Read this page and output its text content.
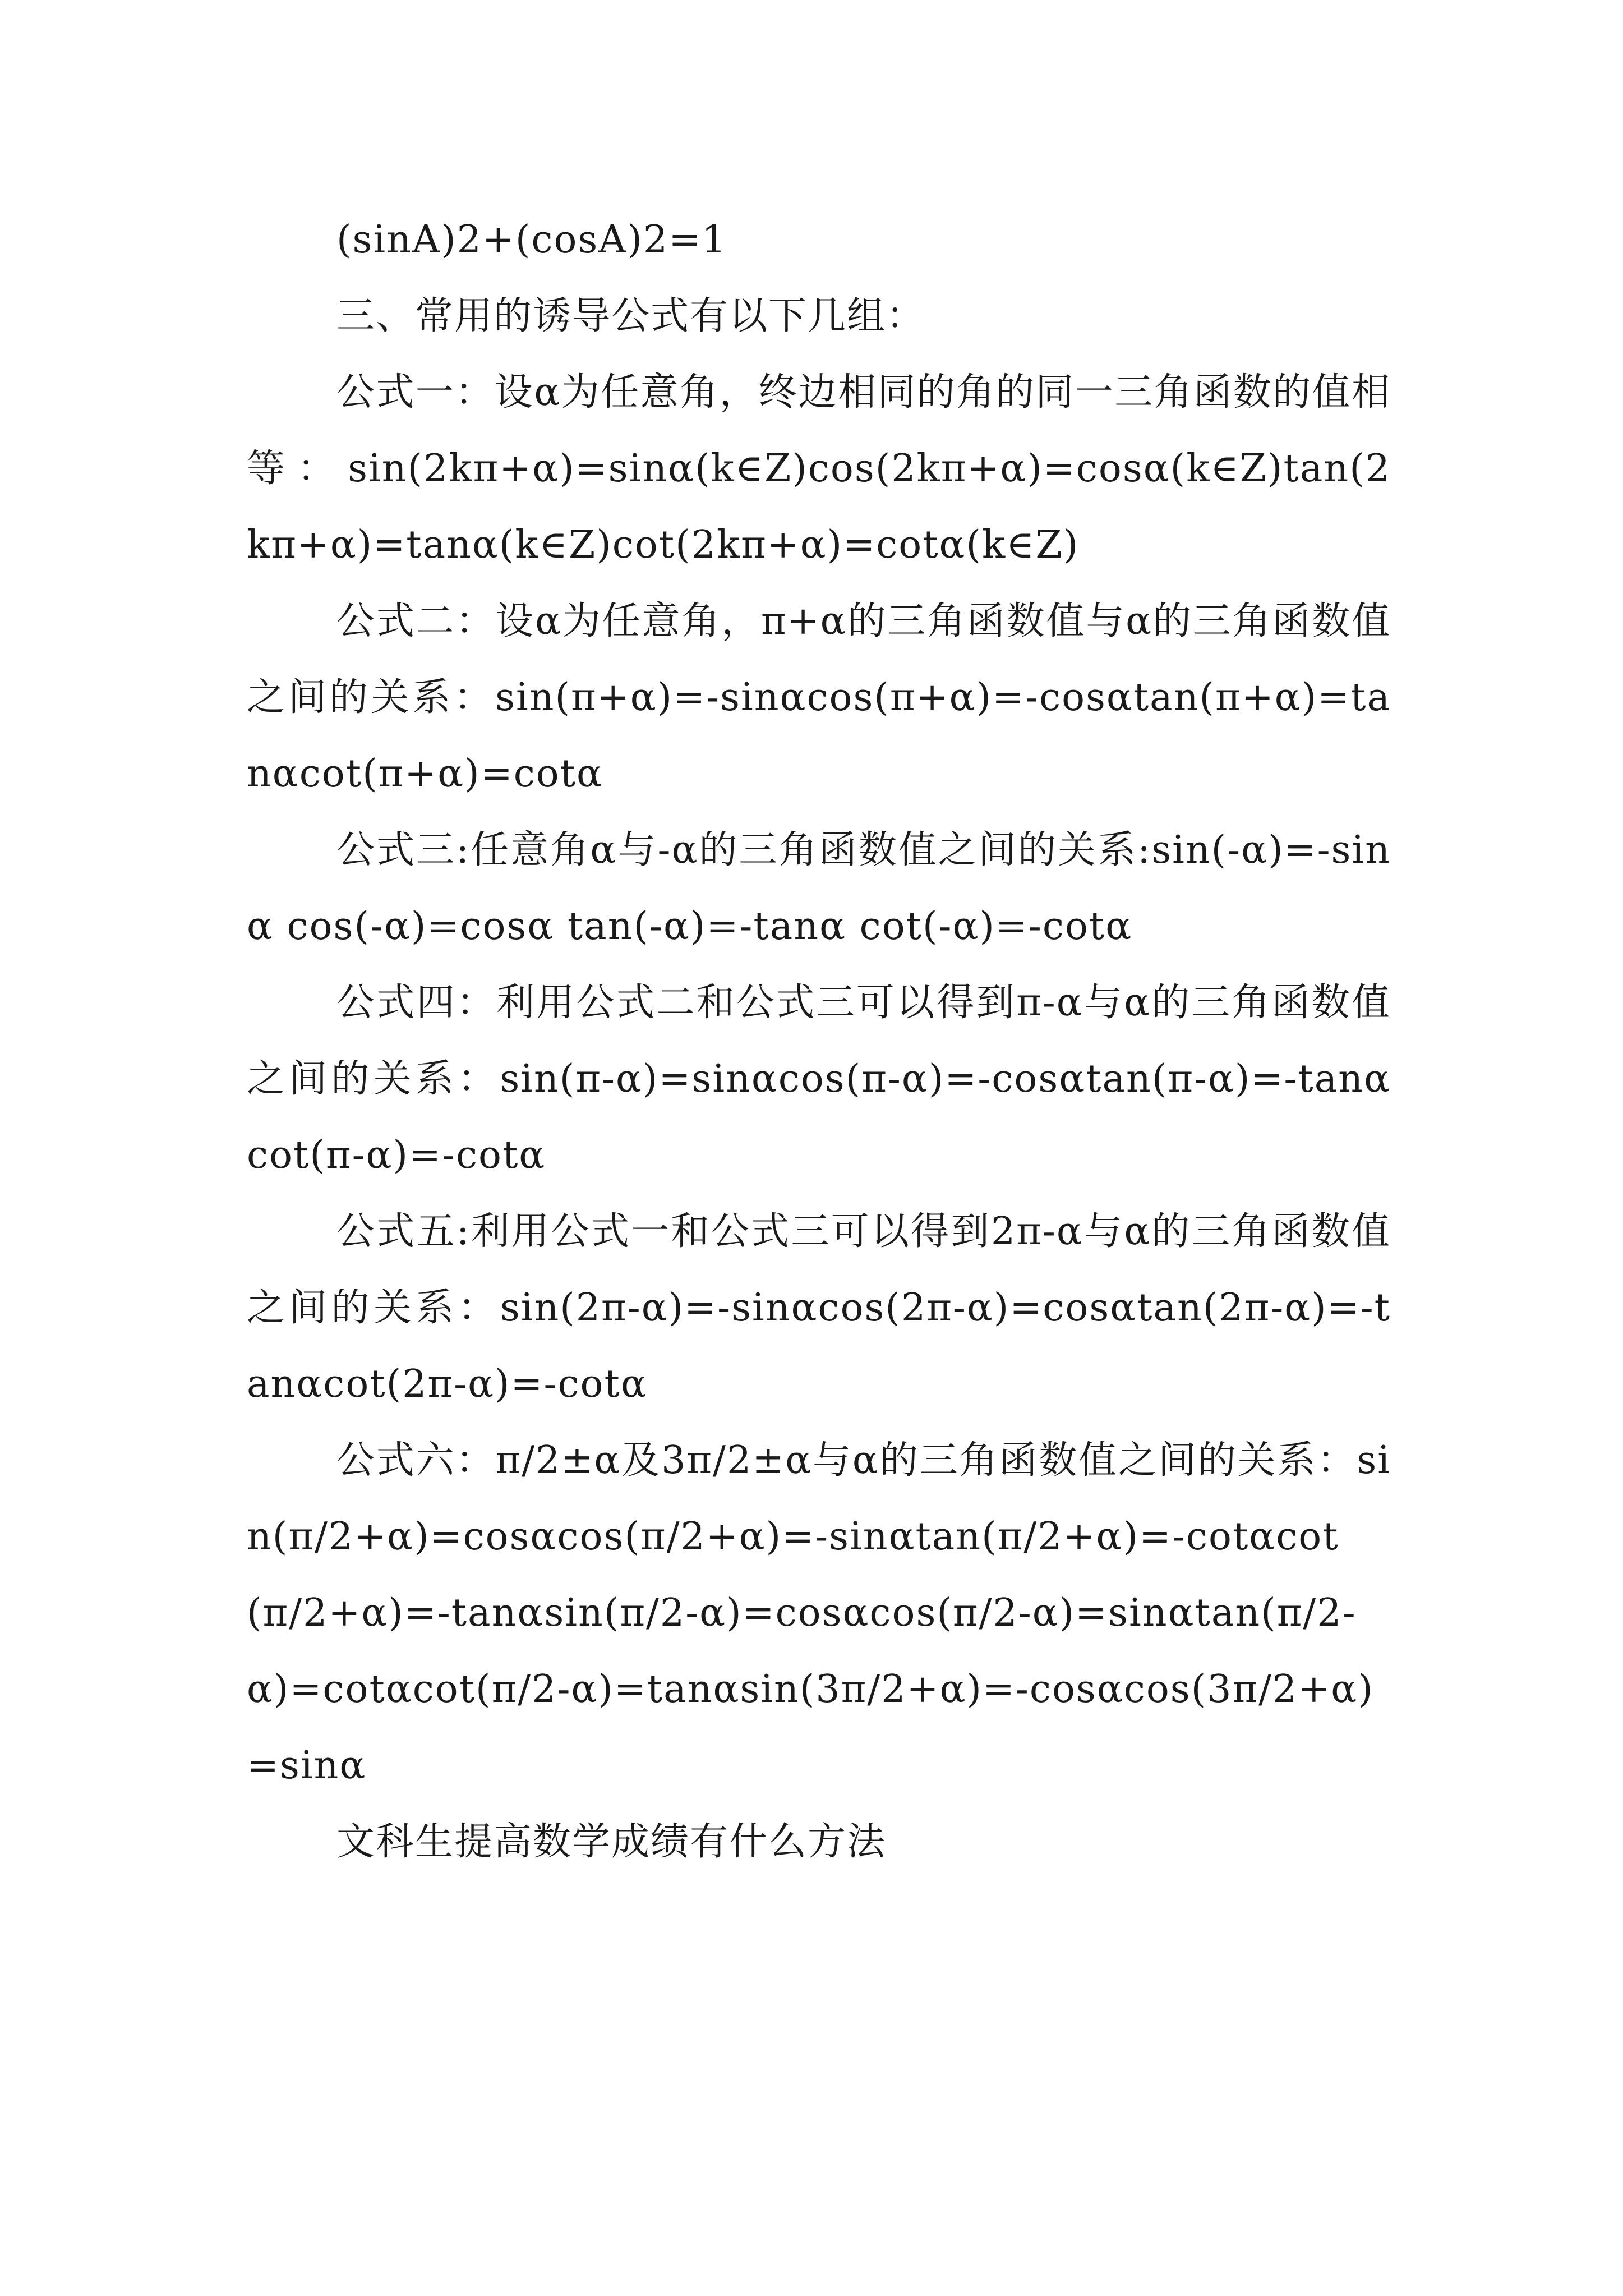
(sinA)2+(cosA)2=1

三、常用的诱导公式有以下几组：

公式一：设α为任意角，终边相同的角的同一三角函数的值相等：sin(2kπ+α)=sinα(k∈Z)cos(2kπ+α)=cosα(k∈Z)tan(2kπ+α)=tanα(k∈Z)cot(2kπ+α)=cotα(k∈Z)

公式二：设α为任意角，π+α的三角函数值与α的三角函数值之间的关系：sin(π+α)=-sinαcos(π+α)=-cosαtan(π+α)=tanαcot(π+α)=cotα

公式三:任意角α与-α的三角函数值之间的关系:sin(-α)=-sinα cos(-α)=cosα tan(-α)=-tanα cot(-α)=-cotα

公式四：利用公式二和公式三可以得到π-α与α的三角函数值之间的关系：sin(π-α)=sinαcos(π-α)=-cosαtan(π-α)=-tanαcot(π-α)=-cotα

公式五:利用公式一和公式三可以得到2π-α与α的三角函数值之间的关系：sin(2π-α)=-sinαcos(2π-α)=cosαtan(2π-α)=-tanαcot(2π-α)=-cotα

公式六：π/2±α及3π/2±α与α的三角函数值之间的关系：sin(π/2+α)=cosαcos(π/2+α)=-sinαtan(π/2+α)=-cotαcot(π/2+α)=-tanαsin(π/2-α)=cosαcos(π/2-α)=sinαtan(π/2-α)=cotαcot(π/2-α)=tanαsin(3π/2+α)=-cosαcos(3π/2+α)=sinα

文科生提高数学成绩有什么方法
